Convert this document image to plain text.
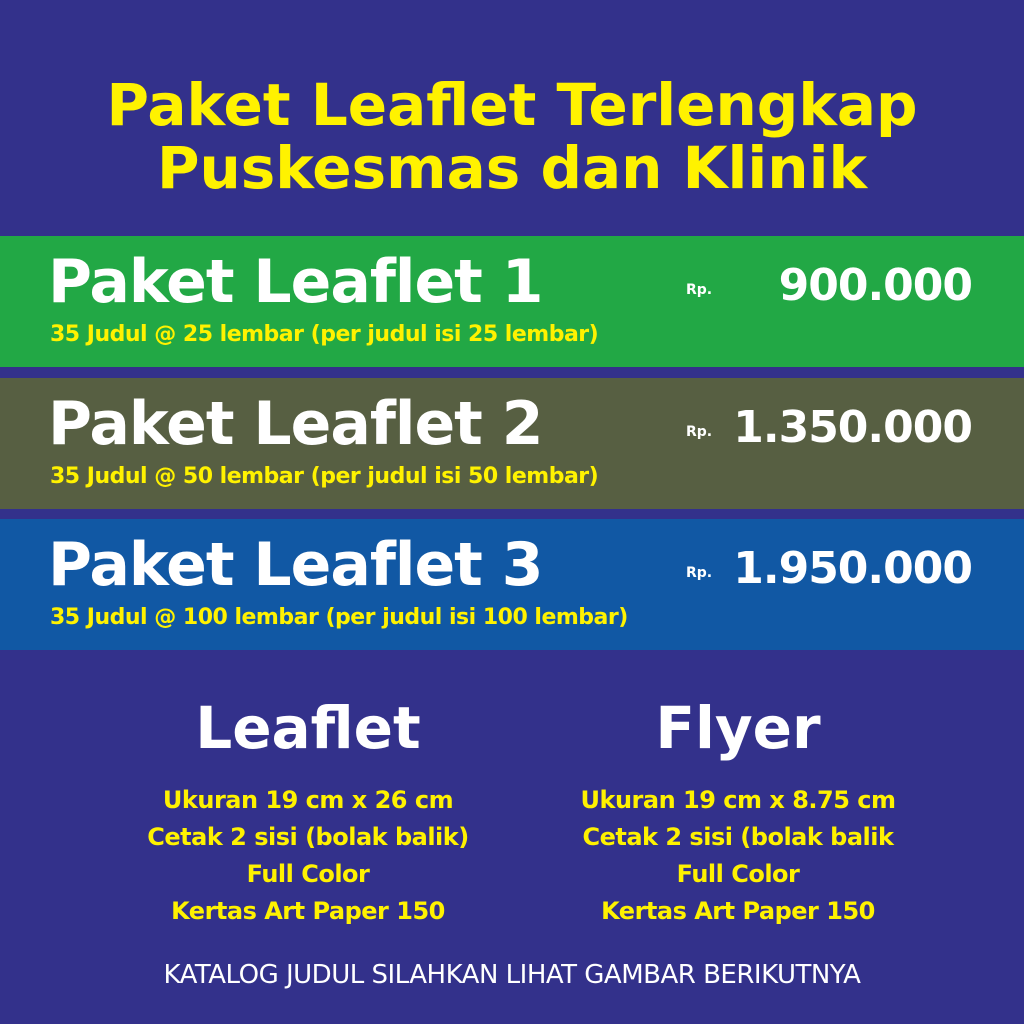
Paket Leaflet Terlengkap
Puskesmas dan Klinik
Paket Leaflet 1	Rp. 900.000
35 Judul @ 25 lembar (per judul isi 25 lembar)
Paket Leaflet 2	Rp. 1.350.000
35 Judul @ 50 lembar (per judul isi 50 lembar)
Paket Leaflet 3	Rp. 1.950.000
35 Judul @ 100 lembar (per judul isi 100 lembar)
Leaflet
Ukuran 19 cm x 26 cm
Cetak 2 sisi (bolak balik)
Full Color
Kertas Art Paper 150
Flyer
Ukuran 19 cm x 8.75 cm
Cetak 2 sisi (bolak balik
Full Color
Kertas Art Paper 150
KATALOG JUDUL SILAHKAN LIHAT GAMBAR BERIKUTNYA
